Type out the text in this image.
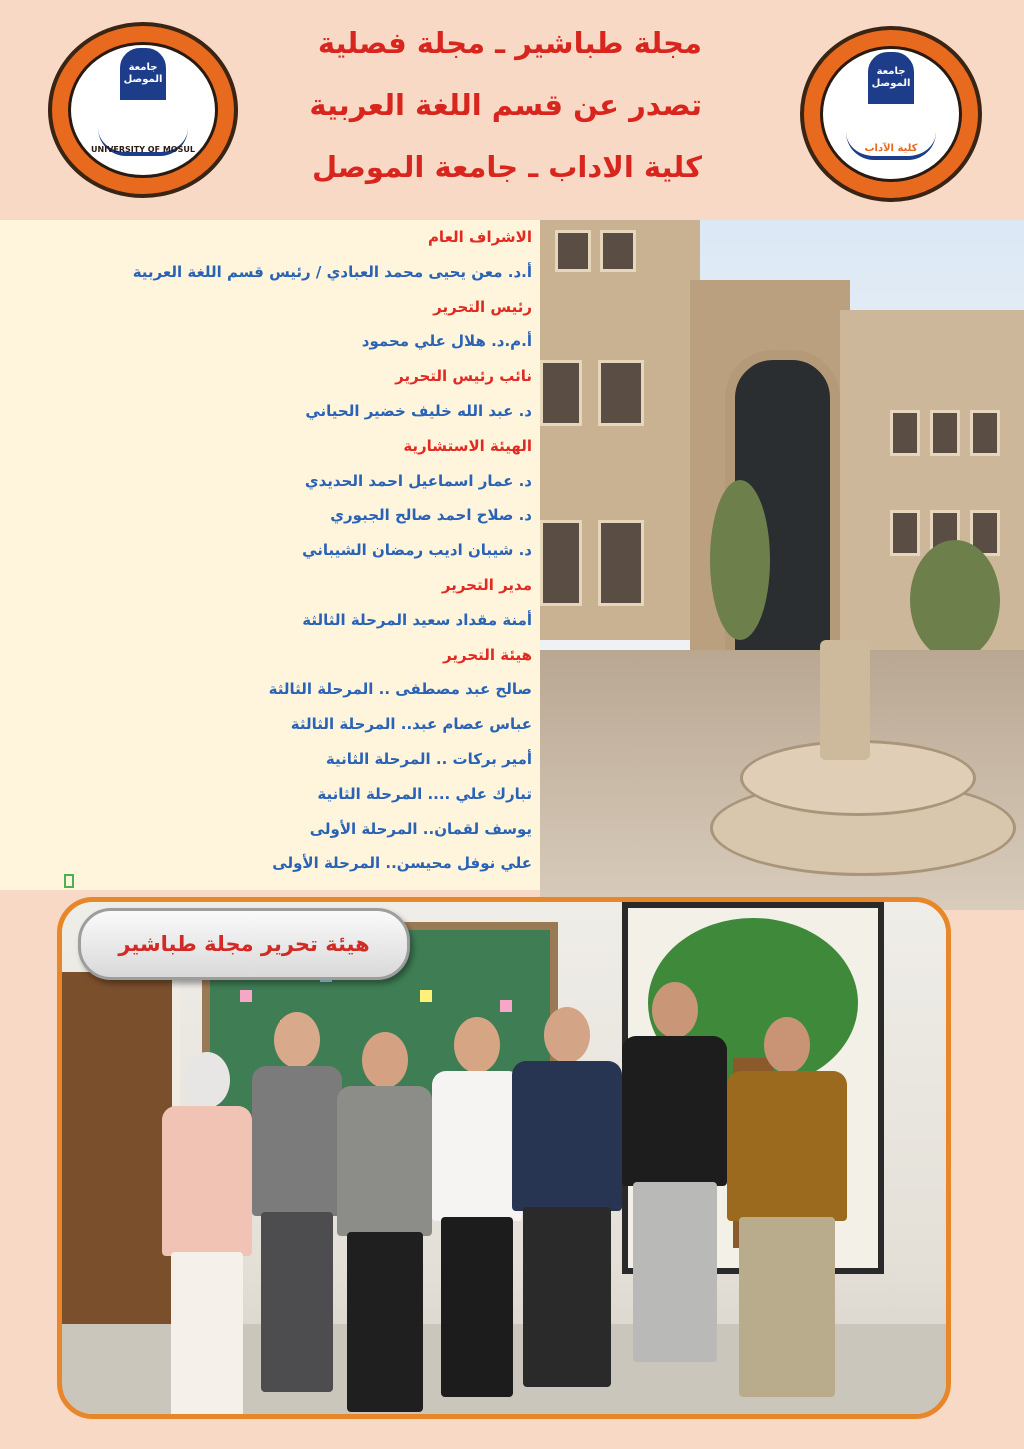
جامعة الموصل
UNIVERSITY OF MOSUL
مجلة طباشير ـ مجلة فصلية
تصدر عن قسم اللغة العربية
كلية الاداب ـ جامعة الموصل
جامعة الموصل
كلية الآداب
الاشراف العام
أ.د. معن يحيى محمد العبادي / رئيس قسم اللغة العربية
رئيس التحرير
أ.م.د. هلال علي محمود
نائب رئيس التحرير
د. عبد الله خليف خضير الحياني
الهيئة الاستشارية
د. عمار اسماعيل احمد الحديدي
د. صلاح احمد صالح الجبوري
د. شيبان اديب رمضان الشيباني
مدير التحرير
أمنة مقداد سعيد المرحلة الثالثة
هيئة التحرير
صالح عبد مصطفى .. المرحلة الثالثة
عباس عصام عبد.. المرحلة الثالثة
أمير بركات .. المرحلة الثانية
تبارك علي .... المرحلة الثانية
يوسف لقمان.. المرحلة الأولى
علي نوفل محيسن.. المرحلة الأولى
هيئة تحرير مجلة طباشير
